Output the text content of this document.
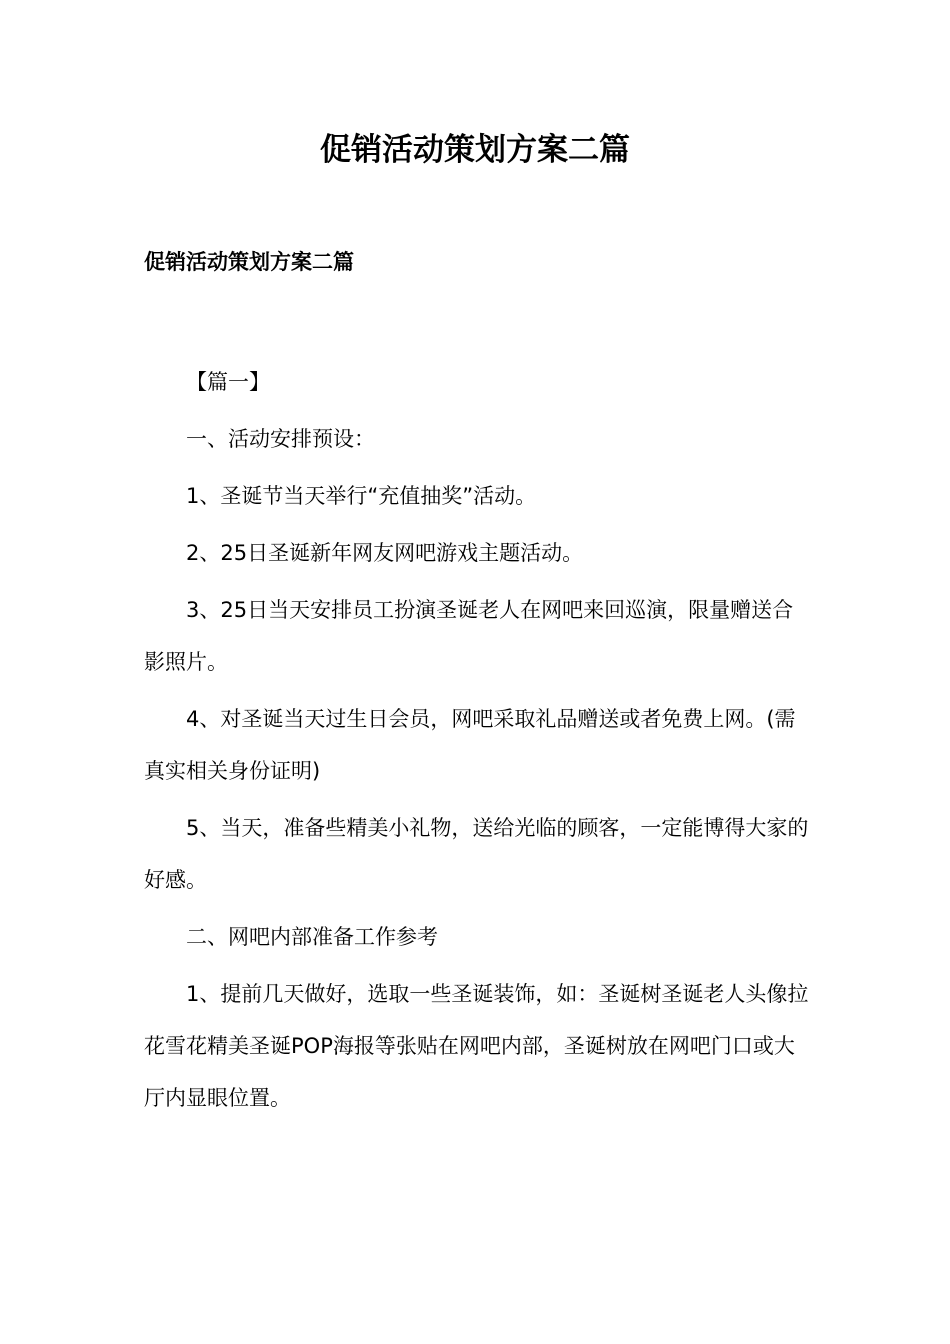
促销活动策划方案二篇
促销活动策划方案二篇

【篇一】

一、活动安排预设：

1、圣诞节当天举行“充值抽奖”活动。

2、25日圣诞新年网友网吧游戏主题活动。

3、25日当天安排员工扮演圣诞老人在网吧来回巡演，限量赠送合影照片。

4、对圣诞当天过生日会员，网吧采取礼品赠送或者免费上网。(需真实相关身份证明)

5、当天，准备些精美小礼物，送给光临的顾客，一定能博得大家的好感。

二、网吧内部准备工作参考

1、提前几天做好，选取一些圣诞装饰，如：圣诞树圣诞老人头像拉花雪花精美圣诞POP海报等张贴在网吧内部，圣诞树放在网吧门口或大厅内显眼位置。
